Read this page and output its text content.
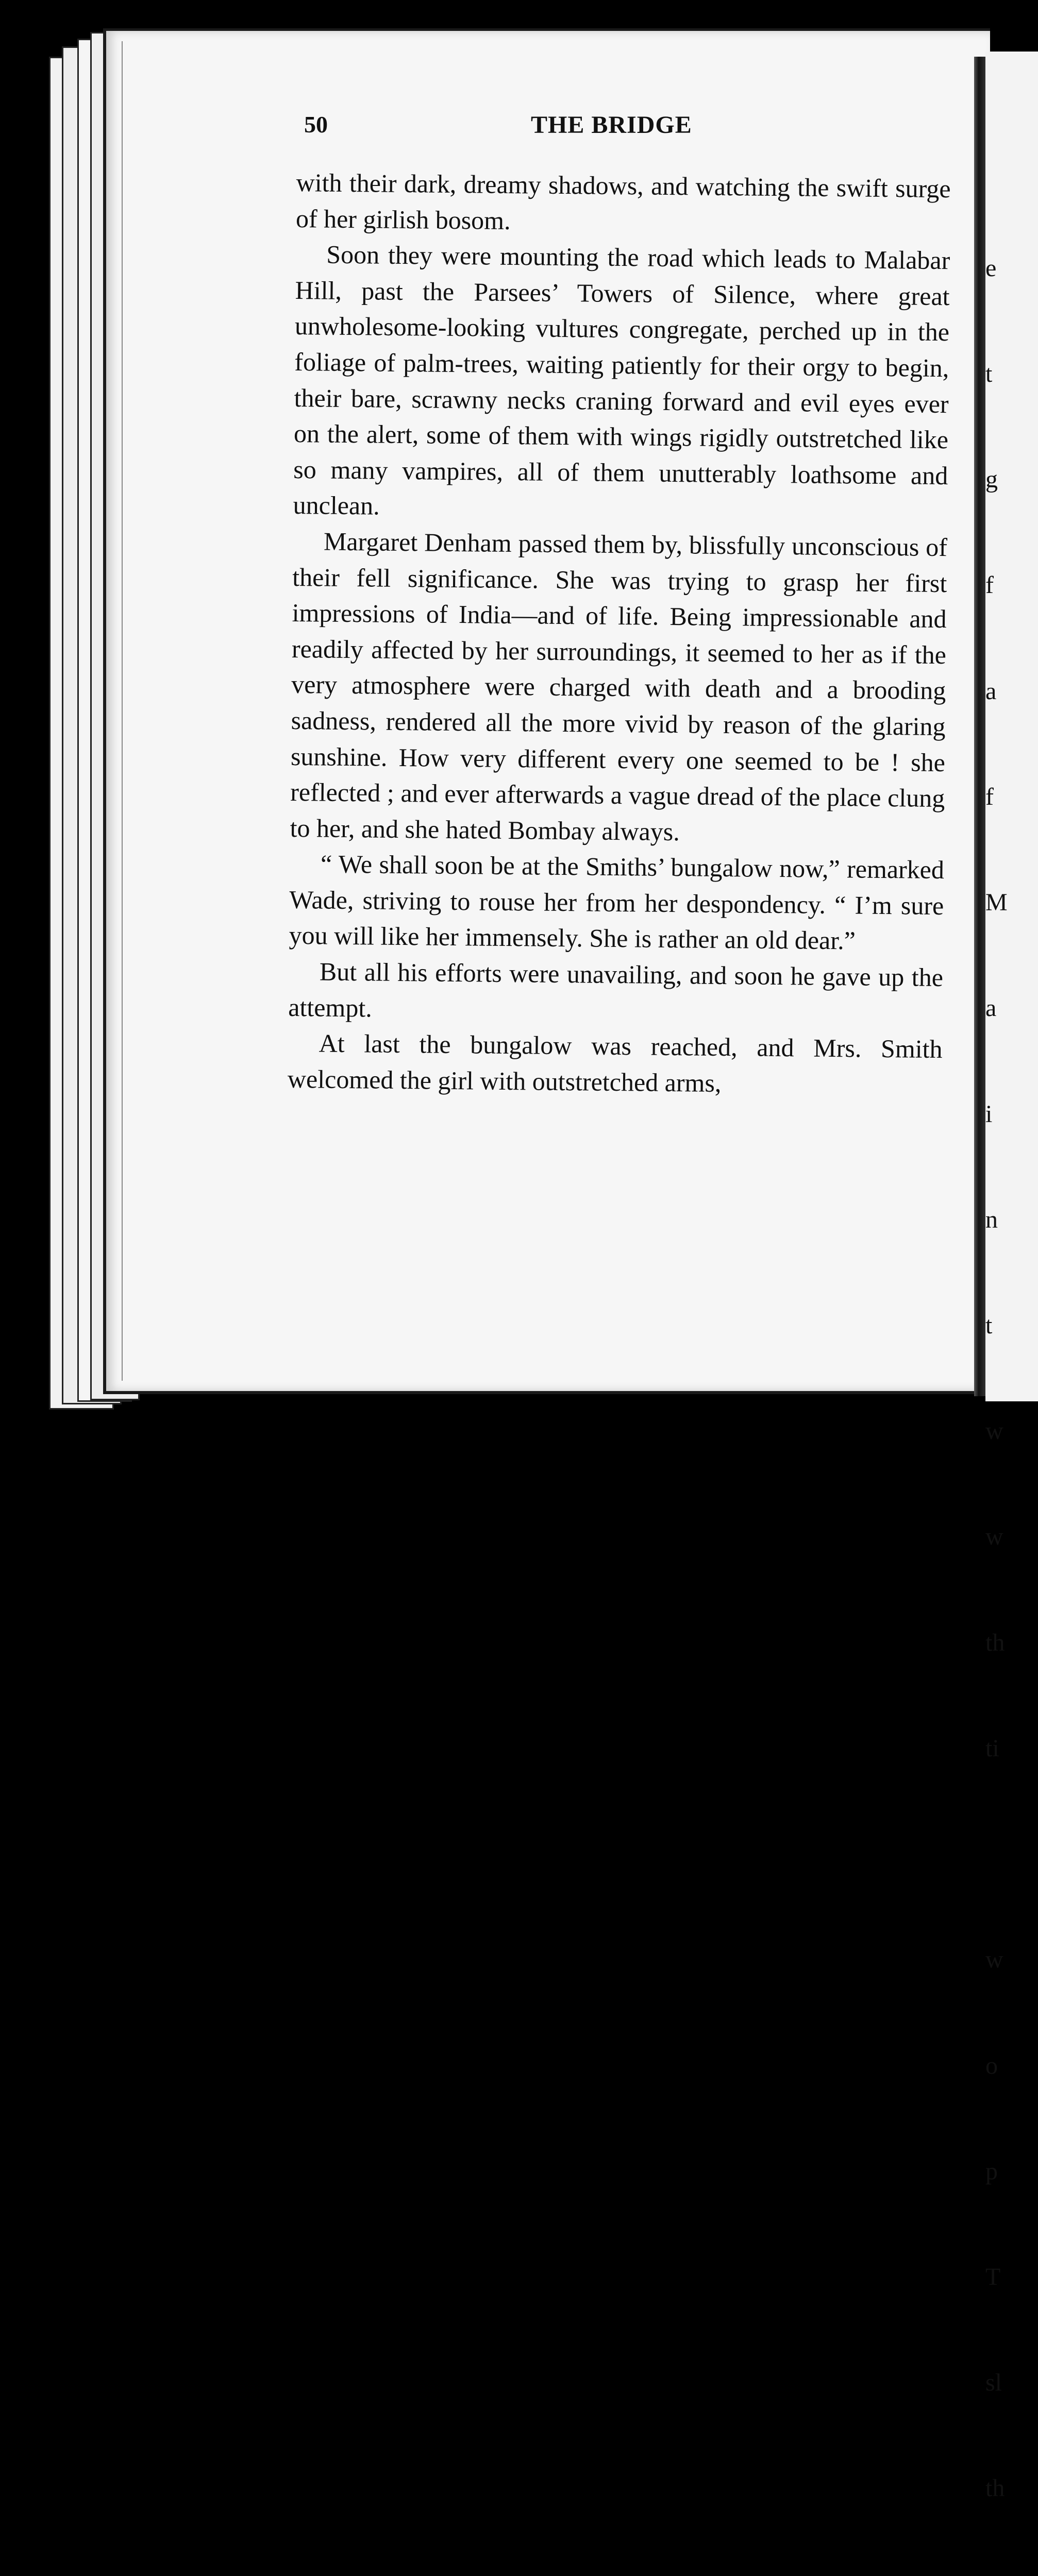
50	THE BRIDGE

with their dark, dreamy shadows, and watching the swift surge of her girlish bosom.

Soon they were mounting the road which leads to Malabar Hill, past the Parsees’ Towers of Silence, where great unwholesome-looking vultures congregate, perched up in the foliage of palm-trees, waiting patiently for their orgy to begin, their bare, scrawny necks craning forward and evil eyes ever on the alert, some of them with wings rigidly outstretched like so many vampires, all of them unutterably loathsome and unclean.

Margaret Denham passed them by, blissfully unconscious of their fell significance. She was trying to grasp her first impressions of India—and of life. Being impressionable and readily affected by her surroundings, it seemed to her as if the very atmosphere were charged with death and a brooding sadness, rendered all the more vivid by reason of the glaring sunshine. How very different every one seemed to be ! she reflected ; and ever afterwards a vague dread of the place clung to her, and she hated Bombay always.

“ We shall soon be at the Smiths’ bungalow now,” remarked Wade, striving to rouse her from her despondency. “ I’m sure you will like her immensely. She is rather an old dear.”

But all his efforts were unavailing, and soon he gave up the attempt.

At last the bungalow was reached, and Mrs. Smith welcomed the girl with outstretched arms,

e

t

g

f

a

f

M

a

i

n

t

w

w

th

ti

w

o

p

T

sl

th
